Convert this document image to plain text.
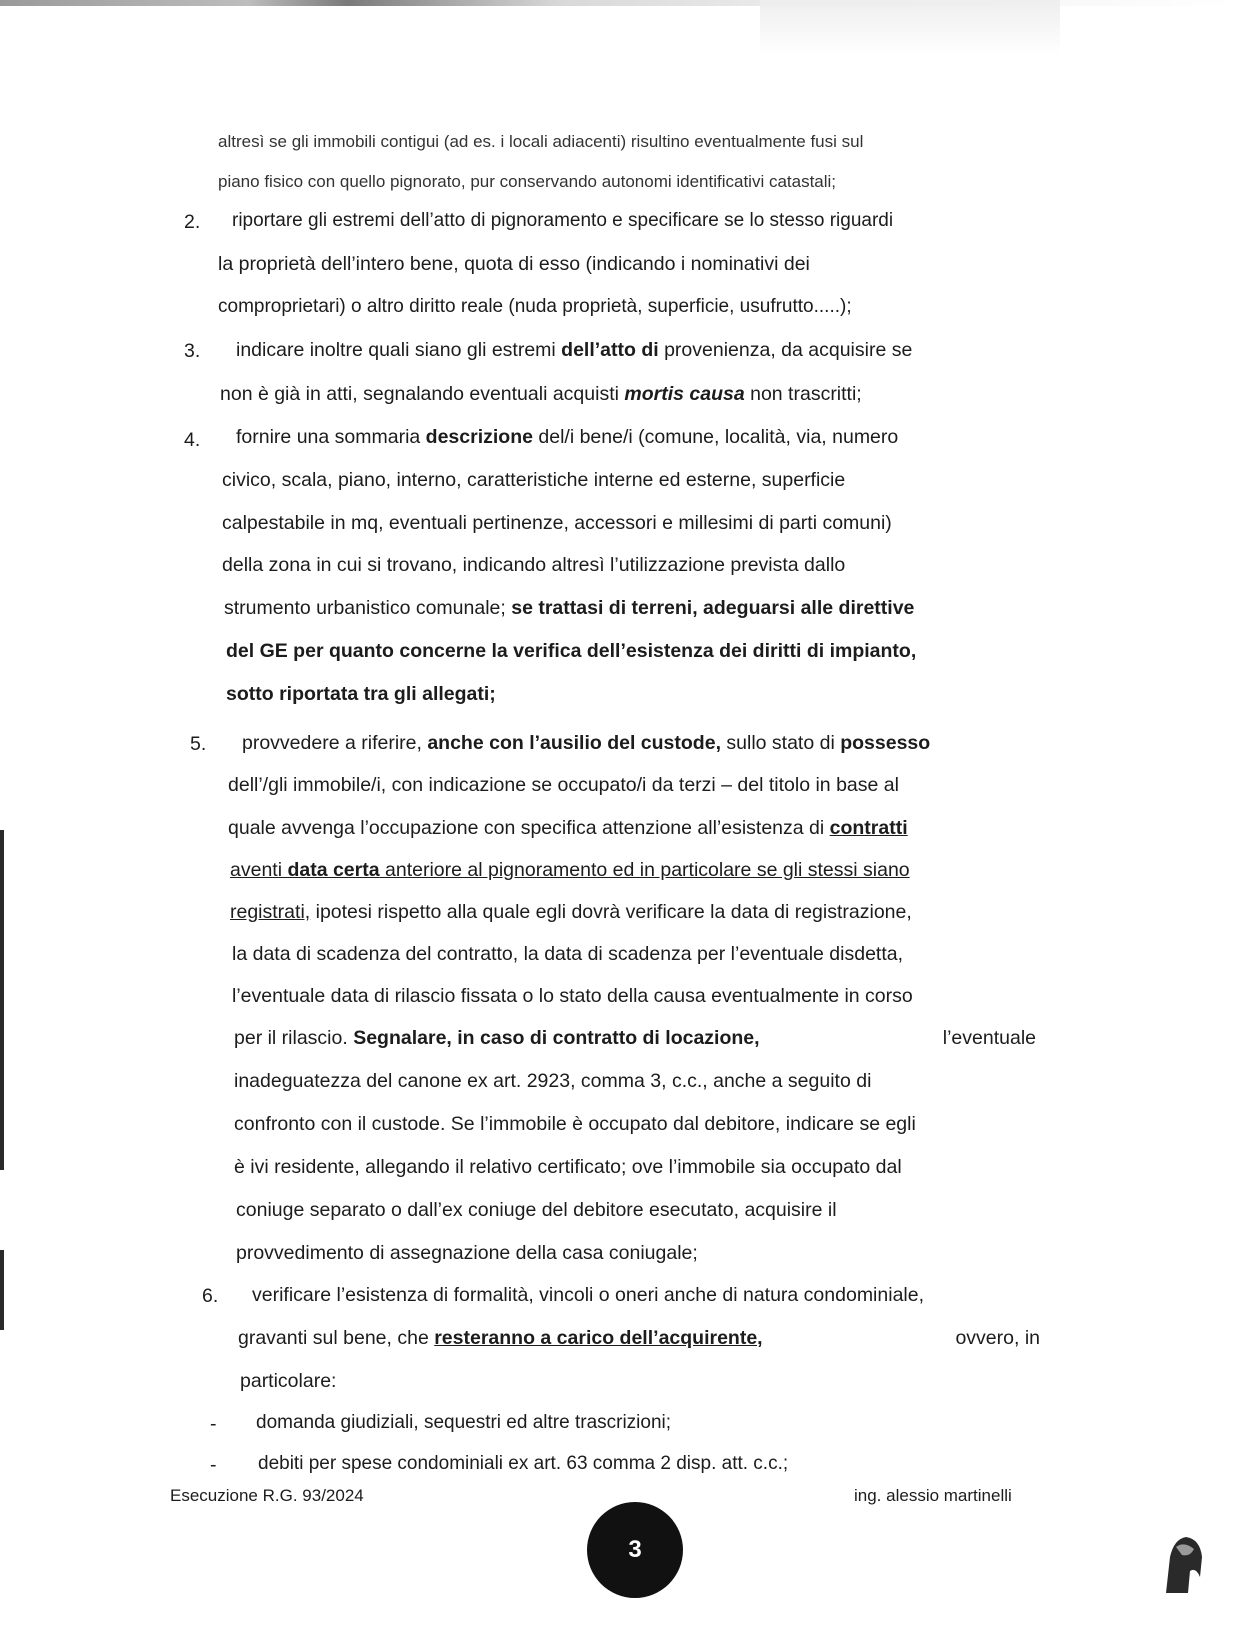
altresì se gli immobili contigui (ad es. i locali adiacenti) risultino eventualmente fusi sul
piano fisico con quello pignorato, pur conservando autonomi identificativi catastali;
2. riportare gli estremi dell’atto di pignoramento e specificare se lo stesso riguardi
la proprietà dell’intero bene, quota di esso (indicando i nominativi dei
comproprietari) o altro diritto reale (nuda proprietà, superficie, usufrutto.....);
3. indicare inoltre quali siano gli estremi dell’atto di provenienza, da acquisire se
non è già in atti, segnalando eventuali acquisti mortis causa non trascritti;
4. fornire una sommaria descrizione del/i bene/i (comune, località, via, numero
civico, scala, piano, interno, caratteristiche interne ed esterne, superficie
calpestabile in mq, eventuali pertinenze, accessori e millesimi di parti comuni)
della zona in cui si trovano, indicando altresì l’utilizzazione prevista dallo
strumento urbanistico comunale; se trattasi di terreni, adeguarsi alle direttive
del GE per quanto concerne la verifica dell’esistenza dei diritti di impianto,
sotto riportata tra gli allegati;
5. provvedere a riferire, anche con l’ausilio del custode, sullo stato di possesso
dell’/gli immobile/i, con indicazione se occupato/i da terzi – del titolo in base al
quale avvenga l’occupazione con specifica attenzione all’esistenza di contratti
aventi data certa anteriore al pignoramento ed in particolare se gli stessi siano
registrati, ipotesi rispetto alla quale egli dovrà verificare la data di registrazione,
la data di scadenza del contratto, la data di scadenza per l’eventuale disdetta,
l’eventuale data di rilascio fissata o lo stato della causa eventualmente in corso
per il rilascio. Segnalare, in caso di contratto di locazione,	l’eventuale
inadeguatezza del canone ex art. 2923, comma 3, c.c., anche a seguito di
confronto con il custode. Se l’immobile è occupato dal debitore, indicare se egli
è ivi residente, allegando il relativo certificato; ove l’immobile sia occupato dal
coniuge separato o dall’ex coniuge del debitore esecutato, acquisire il
provvedimento di assegnazione della casa coniugale;
6. verificare l’esistenza di formalità, vincoli o oneri anche di natura condominiale,
gravanti sul bene, che resteranno a carico dell’acquirente,	ovvero, in
particolare:
- domanda giudiziali, sequestri ed altre trascrizioni;
- debiti per spese condominiali ex art. 63 comma 2 disp. att. c.c.;
Esecuzione R.G. 93/2024	ing. alessio martinelli
3
